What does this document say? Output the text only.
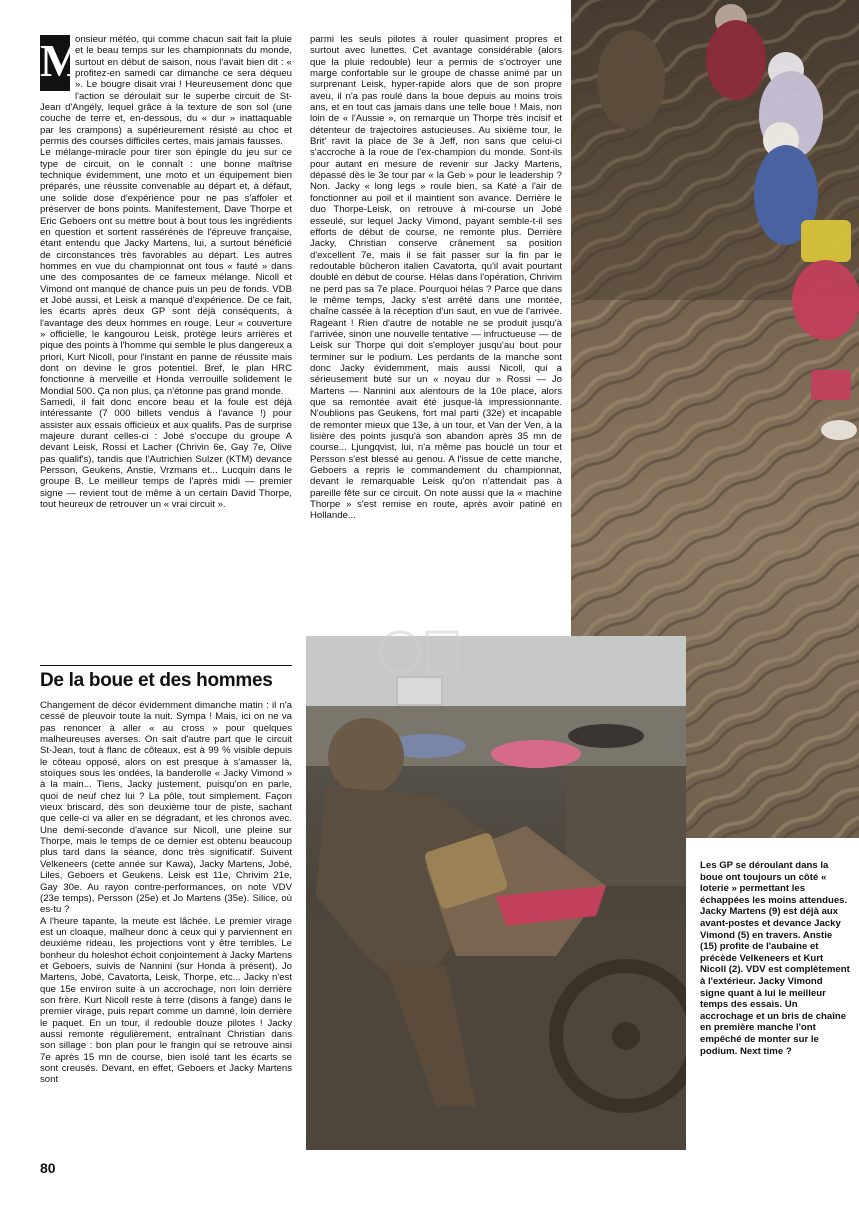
M

onsieur météo, qui comme chacun sait fait la pluie et le beau temps sur les championnats du monde, surtout en début de saison, nous l'avait bien dit : « profitez-en samedi car dimanche ce sera déqueu ». Le bougre disait vrai ! Heureusement donc que l'action se déroulait sur le superbe circuit de St-Jean d'Angély, lequel grâce à la texture de son sol (une couche de terre et, en-dessous, du « dur » inattaquable par les crampons) a supérieurement résisté au choc et permis des courses difficiles certes, mais jamais fausses.

Le mélange-miracle pour tirer son épingle du jeu sur ce type de circuit, on le connaît : une bonne maîtrise technique évidemment, une moto et un équipement bien préparés, une réussite convenable au départ et, à défaut, une solide dose d'expérience pour ne pas s'affoler et préserver de bons points. Manifestement, Dave Thorpe et Eric Geboers ont su mettre bout à bout tous les ingrédients en question et sortent rassérénés de l'épreuve française, étant entendu que Jacky Martens, lui, a surtout bénéficié de circonstances très favorables au départ. Les autres hommes en vue du championnat ont tous « fauté » dans une des composantes de ce fameux mélange. Nicoll et Vimond ont manqué de chance puis un peu de fonds. VDB et Jobé aussi, et Leisk a manqué d'expérience. De ce fait, les écarts après deux GP sont déjà conséquents, à l'avantage des deux hommes en rouge. Leur « couverture » officielle, le kangourou Leisk, protège leurs arrières et pique des points à l'homme qui semble le plus dangereux a priori, Kurt Nicoll, pour l'instant en panne de réussite mais dont on devine le gros potentiel. Bref, le plan HRC fonctionne à merveille et Honda verrouille solidement le Mondial 500. Ça non plus, ça n'étonne pas grand monde.

Samedi, il fait donc encore beau et la foule est déjà intéressante (7 000 billets vendus à l'avance !) pour assister aux essais officieux et aux qualifs. Pas de surprise majeure durant celles-ci : Jobé s'occupe du groupe A devant Leisk, Rossi et Lacher (Chrivin 6e, Gay 7e, Olive pas qualif's), tandis que l'Autrichien Sulzer (KTM) devance Persson, Geukens, Anstie, Vrzmans et... Lucquin dans le groupe B. Le meilleur temps de l'après midi — premier signe — revient tout de même à un certain David Thorpe, tout heureux de retrouver un « vrai circuit ».

parmi les seuls pilotes à rouler quasiment propres et surtout avec lunettes. Cet avantage considérable (alors que la pluie redouble) leur a permis de s'octroyer une marge confortable sur le groupe de chasse animé par un surprenant Leisk, hyper-rapide alors que de son propre aveu, il n'a pas roulé dans la boue depuis au moins trois ans, et en tout cas jamais dans une telle boue ! Mais, non loin de « l'Aussie », on remarque un Thorpe très incisif et détenteur de trajectoires astucieuses. Au sixième tour, le Brit' ravit la place de 3e à Jeff, non sans que celui-ci s'accroche à la roue de l'ex-champion du monde. Sont-ils pour autant en mesure de revenir sur Jacky Martens, dépassé dès le 3e tour par « la Geb » pour le leadership ? Non. Jacky « long legs » roule bien, sa Katé a l'air de fonctionner au poil et il maintient son avance. Derrière le duo Thorpe-Leisk, on retrouve à mi-course un Jobé esseulé, sur lequel Jacky Vimond, payant semble-t-il ses efforts de début de course, ne remonte plus. Derrière Jacky, Christian conserve crânement sa position d'excellent 7e, mais il se fait passer sur la fin par le redoutable bûcheron italien Cavatorta, qu'il avait pourtant doublé en début de course. Hélas dans l'opération, Chrivim ne perd pas sa 7e place. Pourquoi hélas ? Parce que dans le même temps, Jacky s'est arrêté dans une montée, chaîne cassée à la réception d'un saut, en vue de l'arrivée. Rageant ! Rien d'autre de notable ne se produit jusqu'à l'arrivée, sinon une nouvelle tentative — infructueuse — de Leisk sur Thorpe qui doit s'employer jusqu'au bout pour terminer sur le podium. Les perdants de la manche sont donc Jacky évidemment, mais aussi Nicoll, qui a sérieusement buté sur un « noyau dur » Rossi — Jo Martens — Nannini aux alentours de la 10e place, alors que sa remontée avait été jusque-là impressionnante. N'oublions pas Geukens, fort mal parti (32e) et incapable de remonter mieux que 13e, à un tour, et Van der Ven, à la lisière des points jusqu'à son abandon après 35 mn de course... Ljungqvist, lui, n'a même pas bouclé un tour et Persson s'est blessé au genou. A l'issue de cette manche, Geboers a repris le commandement du championnat, devant le remarquable Leisk qu'on n'attendait pas à pareille fête sur ce circuit. On note aussi que la « machine Thorpe » s'est remise en route, après avoir patiné en Hollande...

De la boue et des hommes

Changement de décor évidemment dimanche matin : il n'a cessé de pleuvoir toute la nuit. Sympa ! Mais, ici on ne va pas renoncer à aller « au cross » pour quelques malheureuses averses. On sait d'autre part que le circuit St-Jean, tout à flanc de côteaux, est à 99 % visible depuis le côteau opposé, alors on est presque à s'amasser là, stoïques sous les ondées, la banderolle « Jacky Vimond » à la main... Tiens, Jacky justement, puisqu'on en parle, quoi de neuf chez lui ? La pôle, tout simplement. Façon vieux briscard, dès son deuxième tour de piste, sachant que celle-ci va aller en se dégradant, et les chronos avec. Une demi-seconde d'avance sur Nicoll, une pleine sur Thorpe, mais le temps de ce dernier est obtenu beaucoup plus tard dans la séance, donc très significatif. Suivent Velkeneers (cette année sur Kawa), Jacky Martens, Jobé, Liles, Geboers et Geukens. Leisk est 11e, Chrivim 21e, Gay 30e. Au rayon contre-performances, on note VDV (23e temps), Persson (25e) et Jo Martens (35e). Silice, où es-tu ?

A l'heure tapante, la meute est lâchée. Le premier virage est un cloaque, malheur donc à ceux qui y parviennent en deuxième rideau, les projections vont y être terribles. Le bonheur du holeshot échoit conjointement à Jacky Martens et Geboers, suivis de Nannini (sur Honda à présent), Jo Martens, Jobé, Cavatorta, Leisk, Thorpe, etc... Jacky n'est que 15e environ suite à un accrochage, non loin derrière son frère. Kurt Nicoll reste à terre (disons à fange) dans le premier virage, puis repart comme un damné, loin derrière le paquet. En un tour, il redouble douze pilotes ! Jacky aussi remonte régulièrement, entraînant Christian dans son sillage : bon plan pour le frangin qui se retrouve ainsi 7e après 15 mn de course, bien isolé tant les écarts se sont creusés. Devant, en effet, Geboers et Jacky Martens sont

Les GP se déroulant dans la boue ont toujours un côté « loterie » permettant les échappées les moins attendues. Jacky Martens (9) est déjà aux avant-postes et devance Jacky Vimond (5) en travers. Anstie (15) profite de l'aubaine et précède Velkeneers et Kurt Nicoll (2). VDV est complètement à l'extérieur. Jacky Vimond signe quant à lui le meilleur temps des essais. Un accrochage et un bris de chaîne en première manche l'ont empêché de monter sur le podium. Next time ?
80
